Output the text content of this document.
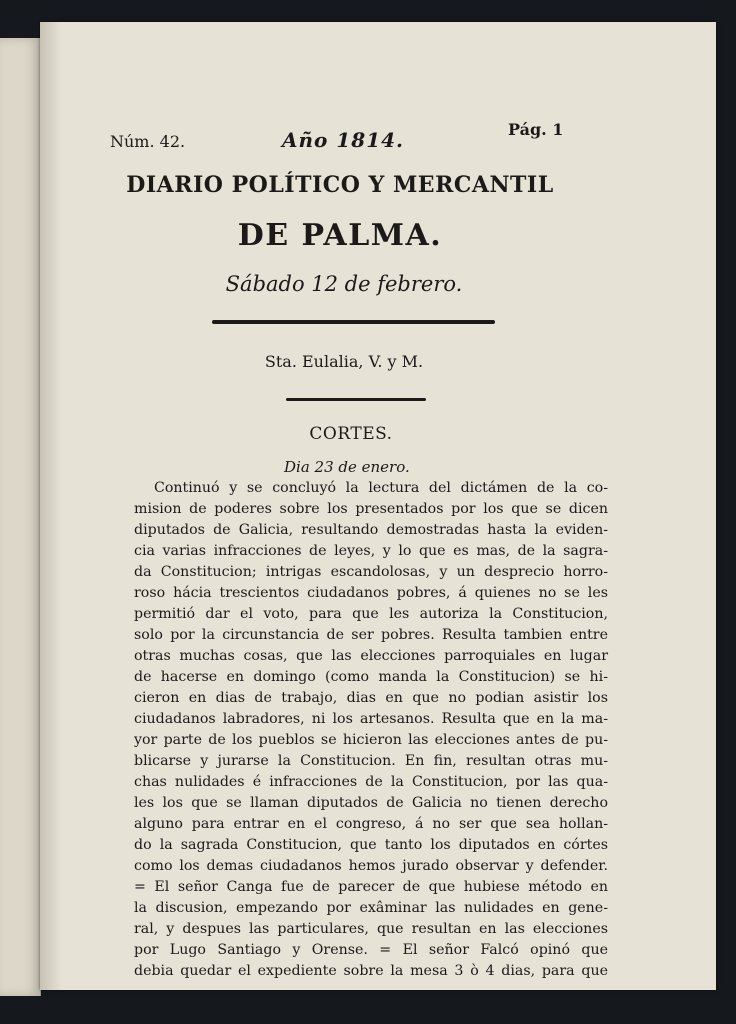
Núm. 42.	Año 1814.	Pág. 1
DIARIO POLÍTICO Y MERCANTIL
DE PALMA.
Sábado 12 de febrero.
Sta. Eulalia, V. y M.
CORTES.
Dia 23 de enero.
Continuó y se concluyó la lectura del dictámen de la co-
mision de poderes sobre los presentados por los que se dicen
diputados de Galicia, resultando demostradas hasta la eviden-
cia varias infracciones de leyes, y lo que es mas, de la sagra-
da Constitucion; intrigas escandolosas, y un desprecio horro-
roso hácia trescientos ciudadanos pobres, á quienes no se les
permitió dar el voto, para que les autoriza la Constitucion,
solo por la circunstancia de ser pobres. Resulta tambien entre
otras muchas cosas, que las elecciones parroquiales en lugar
de hacerse en domingo (como manda la Constitucion) se hi-
cieron en dias de trabajo, dias en que no podian asistir los
ciudadanos labradores, ni los artesanos. Resulta que en la ma-
yor parte de los pueblos se hicieron las elecciones antes de pu-
blicarse y jurarse la Constitucion. En fin, resultan otras mu-
chas nulidades é infracciones de la Constitucion, por las qua-
les los que se llaman diputados de Galicia no tienen derecho
alguno para entrar en el congreso, á no ser que sea hollan-
do la sagrada Constitucion, que tanto los diputados en córtes
como los demas ciudadanos hemos jurado observar y defender.
= El señor Canga fue de parecer de que hubiese método en
la discusion, empezando por exâminar las nulidades en gene-
ral, y despues las particulares, que resultan en las elecciones
por Lugo Santiago y Orense. = El señor Falcó opinó que
debia quedar el expediente sobre la mesa 3 ò 4 dias, para que
